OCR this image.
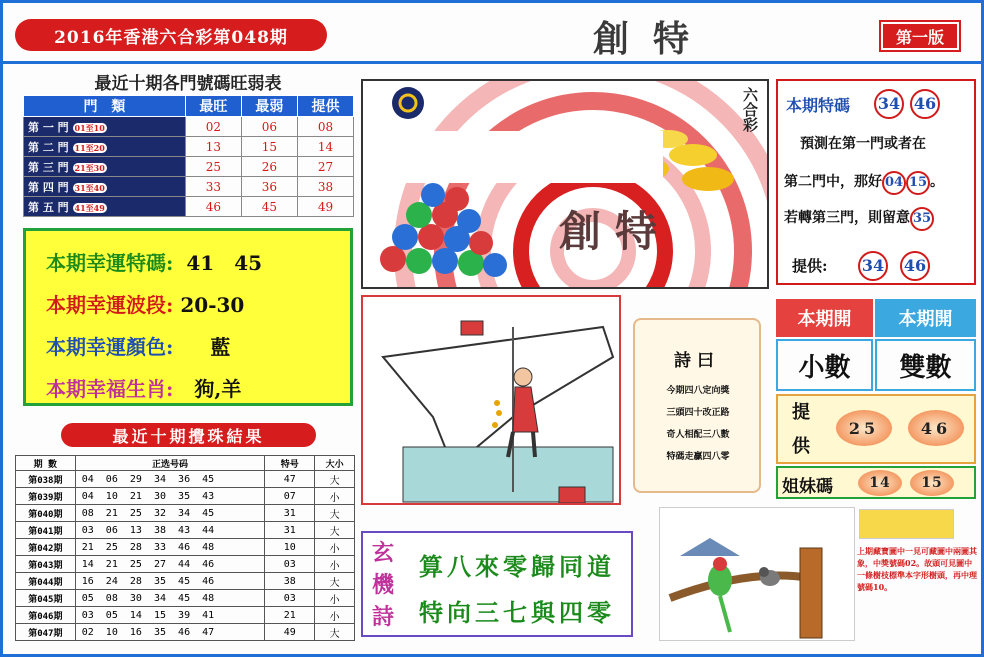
2016年香港六合彩第048期	創特	第一版
最近十期各門號碼旺弱表
門　類	最旺	最弱	提供
第 一 門 01至10	02	06	08
第 二 門 11至20	13	15	14
第 三 門 21至30	25	26	27
第 四 門 31至40	33	36	38
第 五 門 41至49	46	45	49
本期幸運特碼: 41　45
本期幸運波段: 20-30
本期幸運顏色: 藍
本期幸福生肖: 狗,羊
最近十期攪珠結果
期 數	正选号码	特号	大小
第038期	04  06  29  34  36  45	47	大
第039期	04  10  21  30  35  43	07	小
第040期	08  21  25  32  34  45	31	大
第041期	03  06  13  38  43  44	31	大
第042期	21  25  28  33  46  48	10	小
第043期	14  21  25  27  44  46	03	小
第044期	16  24  28  35  45  46	38	大
第045期	05  08  30  34  45  48	03	小
第046期	03  05  14  15  39  41	21	小
第047期	02  10  16  35  46  47	49	大
六合彩
創特
本期特碼 34 46
預測在第一門或者在
第二門中，那好 04 15 。
若轉第三門，則留意 35
提供: 34 46
詩曰
今期四八定向獎
三頭四十改正路
奇人相配三八數
特碼走贏四八零
本期開	本期開
小數	雙數
提
供
25	46
姐妹碼	14	15
玄
機
詩
算八來零歸同道
特向三七與四零
上期藏寶圖中一見可藏圖中兩圖其象，中獎號碼02。故頭可見圖中一條樹枝標準本字形樹頭，再中理號碼10。
